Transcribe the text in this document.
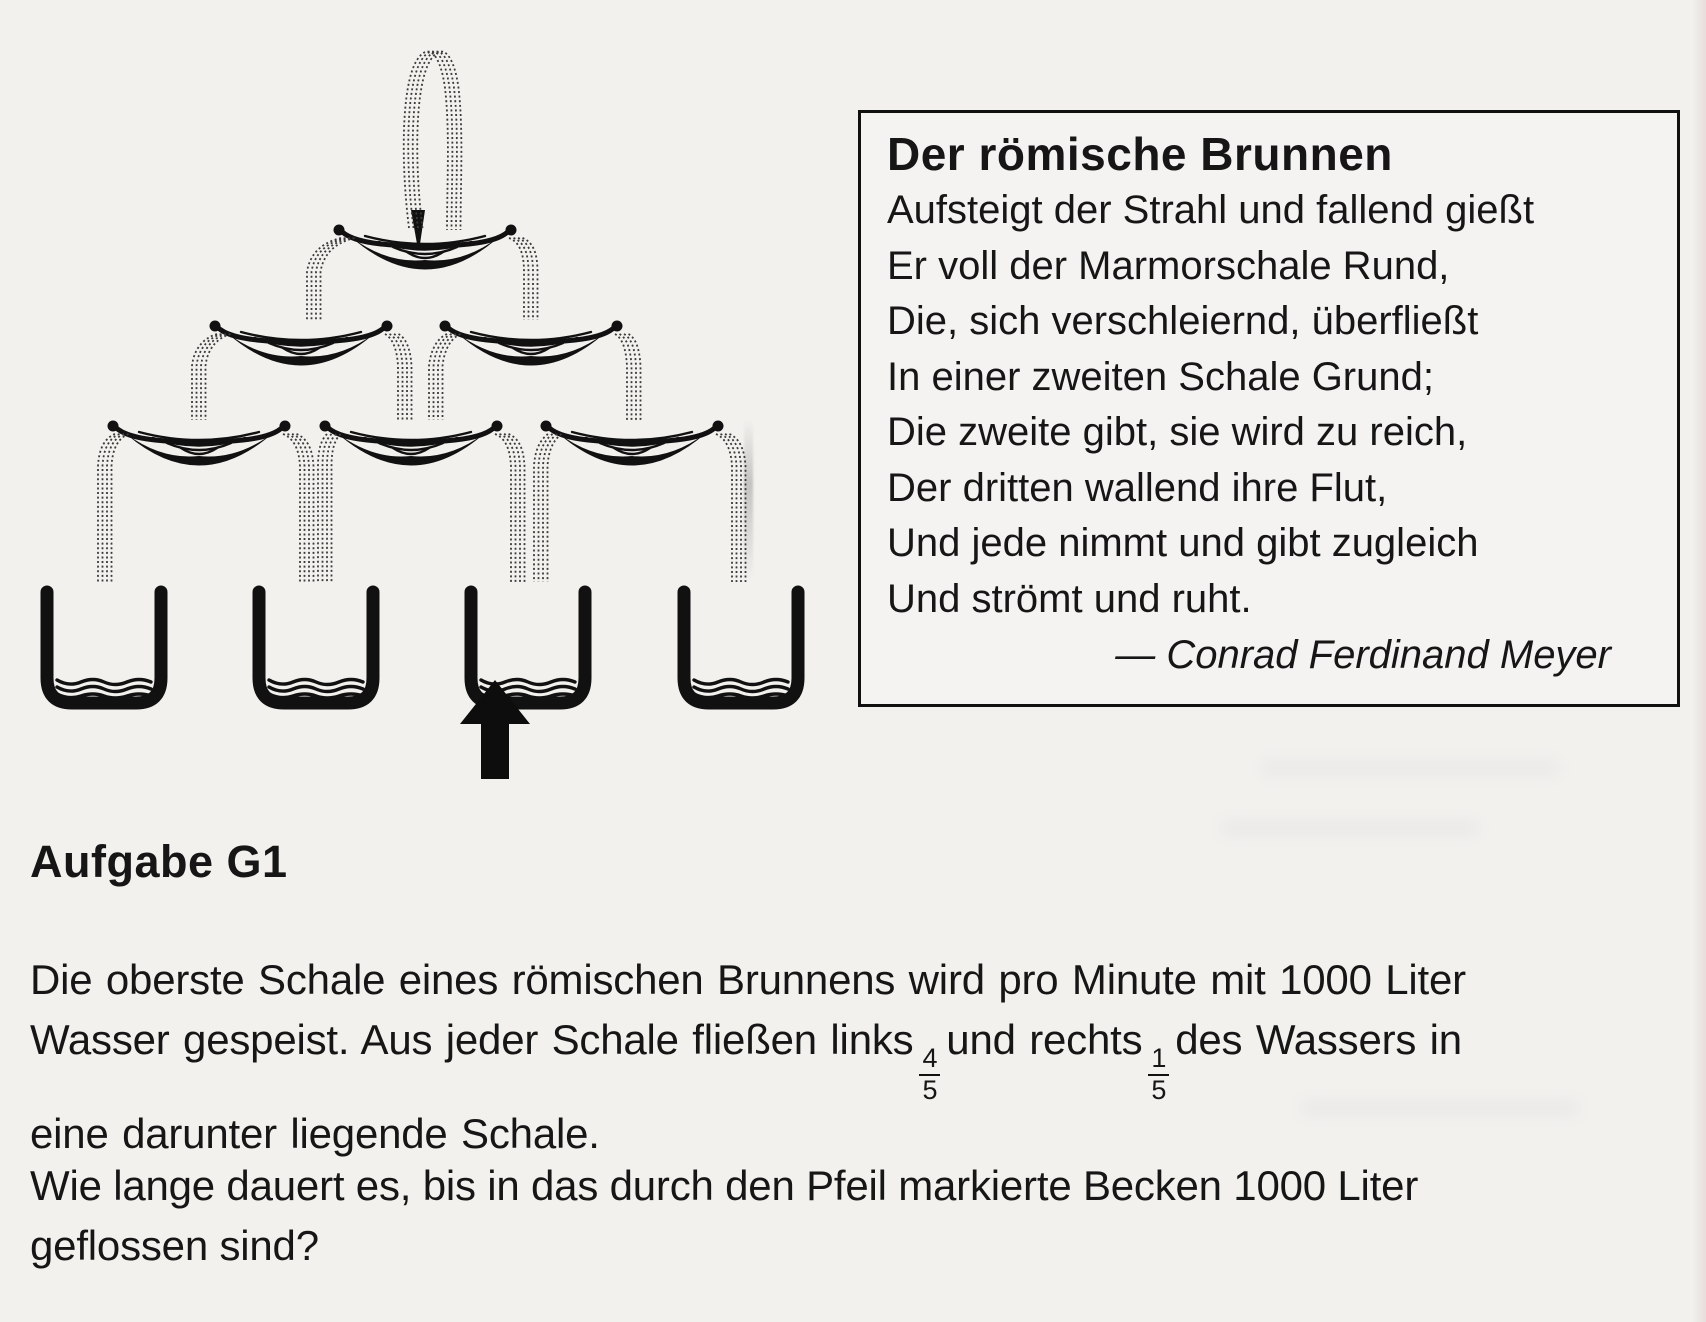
Der römische Brunnen
Aufsteigt der Strahl und fallend gießt
Er voll der Marmorschale Rund,
Die, sich verschleiernd, überfließt
In einer zweiten Schale Grund;
Die zweite gibt, sie wird zu reich,
Der dritten wallend ihre Flut,
Und jede nimmt und gibt zugleich
Und strömt und ruht.
— Conrad Ferdinand Meyer
Aufgabe G1
Die oberste Schale eines römischen Brunnens wird pro Minute mit 1000 Liter
Wasser gespeist. Aus jeder Schale fließen links
$\frac{4}{5}$
und rechts
$\frac{1}{5}$
des Wassers in
eine darunter liegende Schale.
Wie lange dauert es, bis in das durch den Pfeil markierte Becken 1000 Liter
geflossen sind?
